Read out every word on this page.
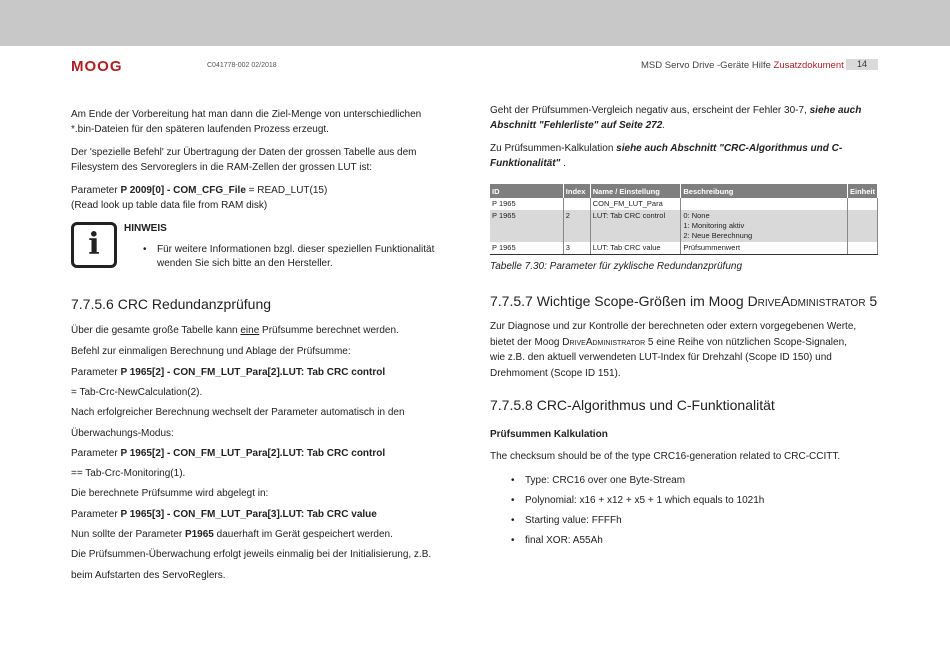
MOOG	C041778-002 02/2018	MSD Servo Drive -Geräte Hilfe Zusatzdokument	14
Am Ende der Vorbereitung hat man dann die Ziel-Menge von unterschiedlichen
*.bin-Dateien für den späteren laufenden Prozess erzeugt.
Der 'spezielle Befehl' zur Übertragung der Daten der grossen Tabelle aus dem
Filesystem des Servoreglers in die RAM-Zellen der grossen LUT ist:
Parameter P 2009[0] - COM_CFG_File = READ_LUT(15)
(Read look up table data file from RAM disk)
i	HINWEIS
• Für weitere Informationen bzgl. dieser speziellen Funktionalität
wenden Sie sich bitte an den Hersteller.
7.7.5.6 CRC Redundanzprüfung
Über die gesamte große Tabelle kann eine Prüfsumme berechnet werden.
Befehl zur einmaligen Berechnung und Ablage der Prüfsumme:
Parameter P 1965[2] - CON_FM_LUT_Para[2].LUT: Tab CRC control
= Tab-Crc-NewCalculation(2).
Nach erfolgreicher Berechnung wechselt der Parameter automatisch in den
Überwachungs-Modus:
Parameter P 1965[2] - CON_FM_LUT_Para[2].LUT: Tab CRC control
== Tab-Crc-Monitoring(1).
Die berechnete Prüfsumme wird abgelegt in:
Parameter P 1965[3] - CON_FM_LUT_Para[3].LUT: Tab CRC value
Nun sollte der Parameter P1965 dauerhaft im Gerät gespeichert werden.
Die Prüfsummen-Überwachung erfolgt jeweils einmalig bei der Initialisierung, z.B.
beim Aufstarten des ServoReglers.
Geht der Prüfsummen-Vergleich negativ aus, erscheint der Fehler 30-7, siehe auch
Abschnitt "Fehlerliste" auf Seite 272.
Zu Prüfsummen-Kalkulation siehe auch Abschnitt "CRC-Algorithmus und C-
Funktionalität" .
ID	Index	Name / Einstellung	Beschreibung	Einheit
P 1965		CON_FM_LUT_Para		
P 1965	2	LUT: Tab CRC control	0: None
1: Monitoring aktiv
2: Neue Berechnung	

P 1965	3	LUT: Tab CRC value	Prüfsummenwert	
Tabelle 7.30: Parameter für zyklische Redundanzprüfung
7.7.5.7 Wichtige Scope-Größen im Moog DriveAdministrator 5
Zur Diagnose und zur Kontrolle der berechneten oder extern vorgegebenen Werte,
bietet der Moog DriveAdministrator 5 eine Reihe von nützlichen Scope-Signalen,
wie z.B. den aktuell verwendeten LUT-Index für Drehzahl (Scope ID 150) und
Drehmoment (Scope ID 151).
7.7.5.8 CRC-Algorithmus und C-Funktionalität
Prüfsummen Kalkulation
The checksum should be of the type CRC16-generation related to CRC-CCITT.
• Type: CRC16 over one Byte-Stream
• Polynomial: x16 + x12 + x5 + 1 which equals to 1021h
• Starting value: FFFFh
• final XOR: A55Ah
